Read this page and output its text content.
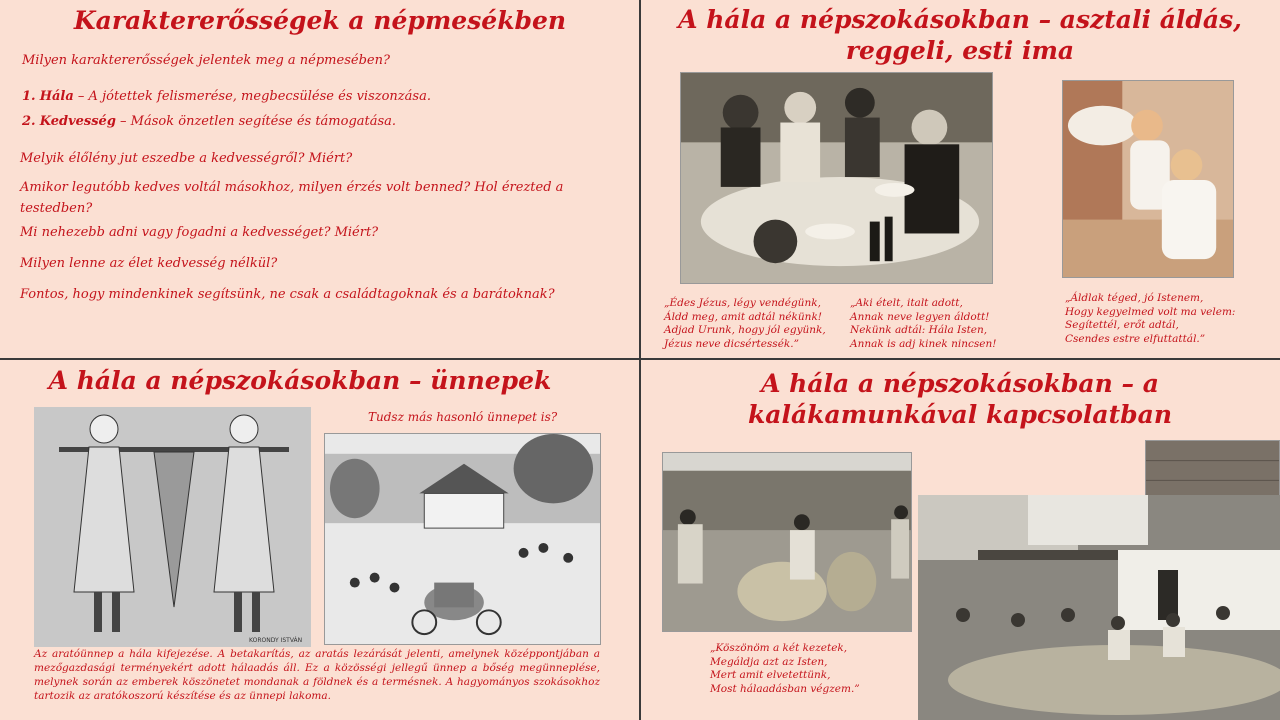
Karaktererősségek a népmesékben
Milyen karaktererősségek jelentek meg a népmesében?
1. Hála – A jótettek felismerése, megbecsülése és viszonzása.
2. Kedvesség – Mások önzetlen segítése és támogatása.
Melyik élőlény jut eszedbe a kedvességről? Miért?
Amikor legutóbb kedves voltál másokhoz, milyen érzés volt benned? Hol érezted a testedben?
Mi nehezebb adni vagy fogadni a kedvességet? Miért?
Milyen lenne az élet kedvesség nélkül?
Fontos, hogy mindenkinek segítsünk, ne csak a családtagoknak és a barátoknak?
A hála a népszokásokban – asztali áldás, reggeli, esti ima
„Édes Jézus, légy vendégünk,
Áldd meg, amit adtál nékünk!
Adjad Urunk, hogy jól együnk,
Jézus neve dicsértessék.”
„Aki ételt, italt adott,
Annak neve legyen áldott!
Nekünk adtál: Hála Isten,
Annak is adj kinek nincsen!
„Áldlak téged, jó Istenem,
Hogy kegyelmed volt ma velem:
Segítettél, erőt adtál,
Csendes estre elfuttattál.”
A hála a népszokásokban – ünnepek
Tudsz más hasonló ünnepet is?
KORONDY ISTVÁN

Az aratóünnep a hála kifejezése. A betakarítás, az aratás lezárását jelenti, amelynek középpontjában a mezőgazdasági terményekért adott hálaadás áll. Ez a közösségi jellegű ünnep a bőség megünneplése, melynek során az emberek köszönetet mondanak a földnek és a termésnek. A hagyományos szokásokhoz tartozik az aratókoszorú készítése és az ünnepi lakoma.

A hála a népszokásokban – a kalákamunkával kapcsolatban
„Köszönöm a két kezetek,
Megáldja azt az Isten,
Mert amit elvetettünk,
Most hálaadásban végzem.”
